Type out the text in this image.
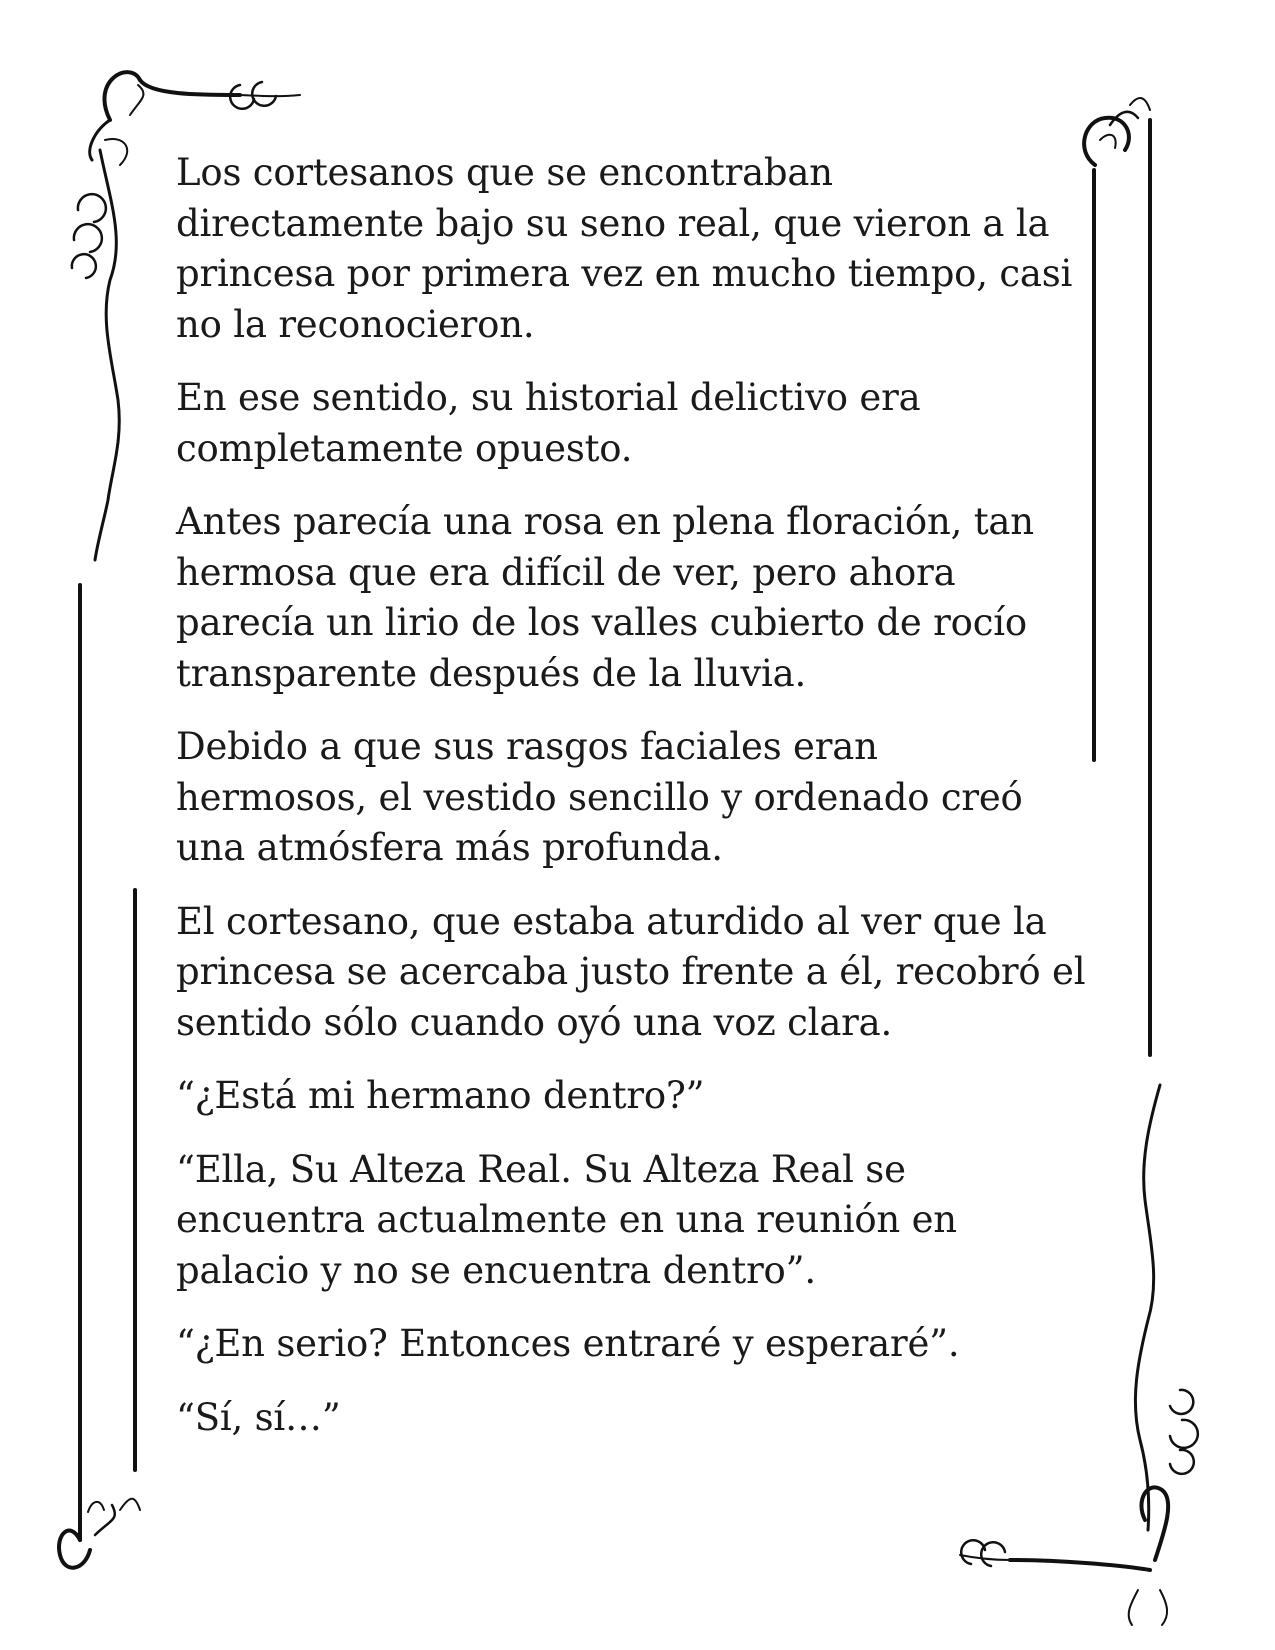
Los cortesanos que se encontraban
directamente bajo su seno real, que vieron a la
princesa por primera vez en mucho tiempo, casi
no la reconocieron.

En ese sentido, su historial delictivo era
completamente opuesto.

Antes parecía una rosa en plena floración, tan
hermosa que era difícil de ver, pero ahora
parecía un lirio de los valles cubierto de rocío
transparente después de la lluvia.

Debido a que sus rasgos faciales eran
hermosos, el vestido sencillo y ordenado creó
una atmósfera más profunda.

El cortesano, que estaba aturdido al ver que la
princesa se acercaba justo frente a él, recobró el
sentido sólo cuando oyó una voz clara.

“¿Está mi hermano dentro?”

“Ella, Su Alteza Real. Su Alteza Real se
encuentra actualmente en una reunión en
palacio y no se encuentra dentro”.

“¿En serio? Entonces entraré y esperaré”.

“Sí, sí…”
